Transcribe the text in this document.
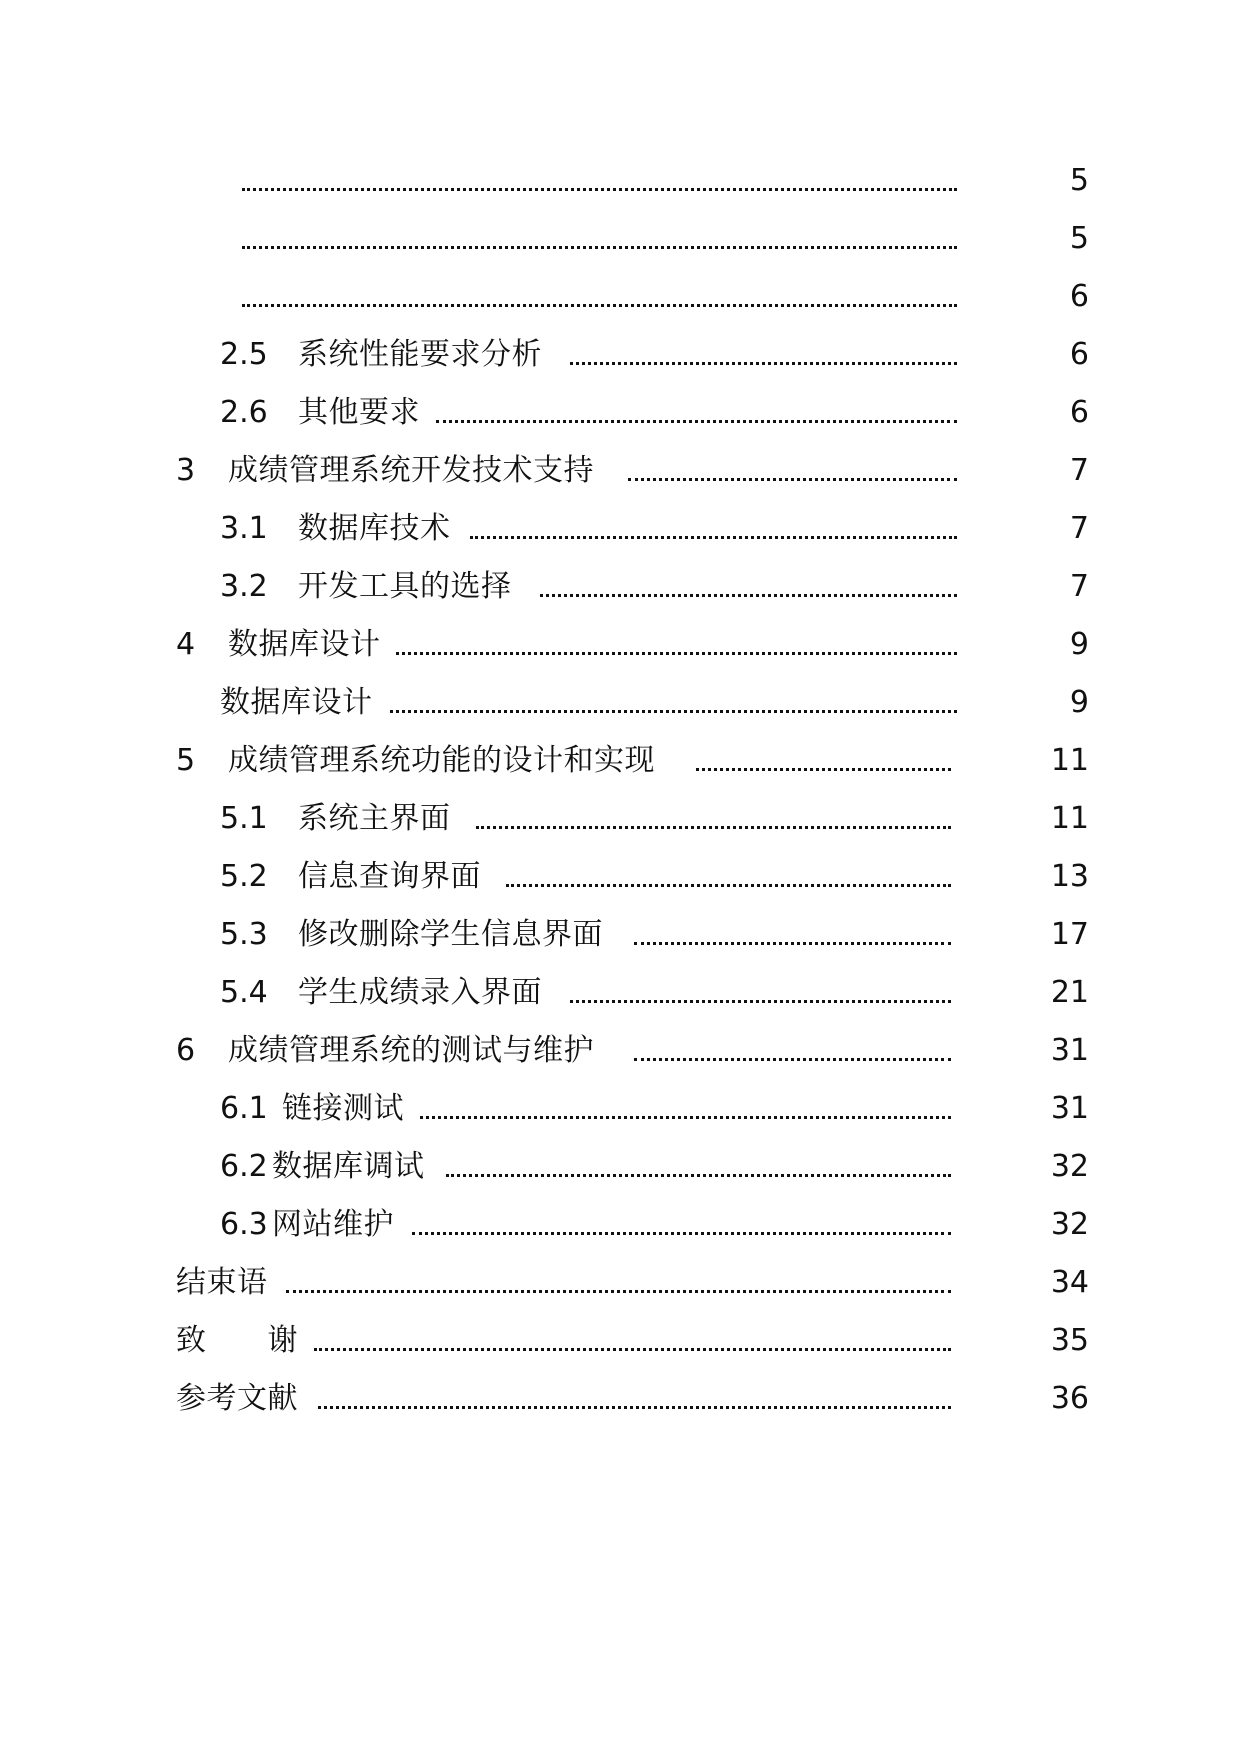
5
5
6
2.5 系统性能要求分析	6
2.6 其他要求	6
3 成绩管理系统开发技术支持	7
3.1 数据库技术	7
3.2 开发工具的选择	7
4 数据库设计	9
数据库设计	9
5 成绩管理系统功能的设计和实现	11
5.1 系统主界面	11
5.2 信息查询界面	13
5.3 修改删除学生信息界面	17
5.4 学生成绩录入界面	21
6 成绩管理系统的测试与维护	31
6.1 链接测试	31
6.2 数据库调试	32
6.3 网站维护	32
结束语	34
致　　谢	35
参考文献	36
